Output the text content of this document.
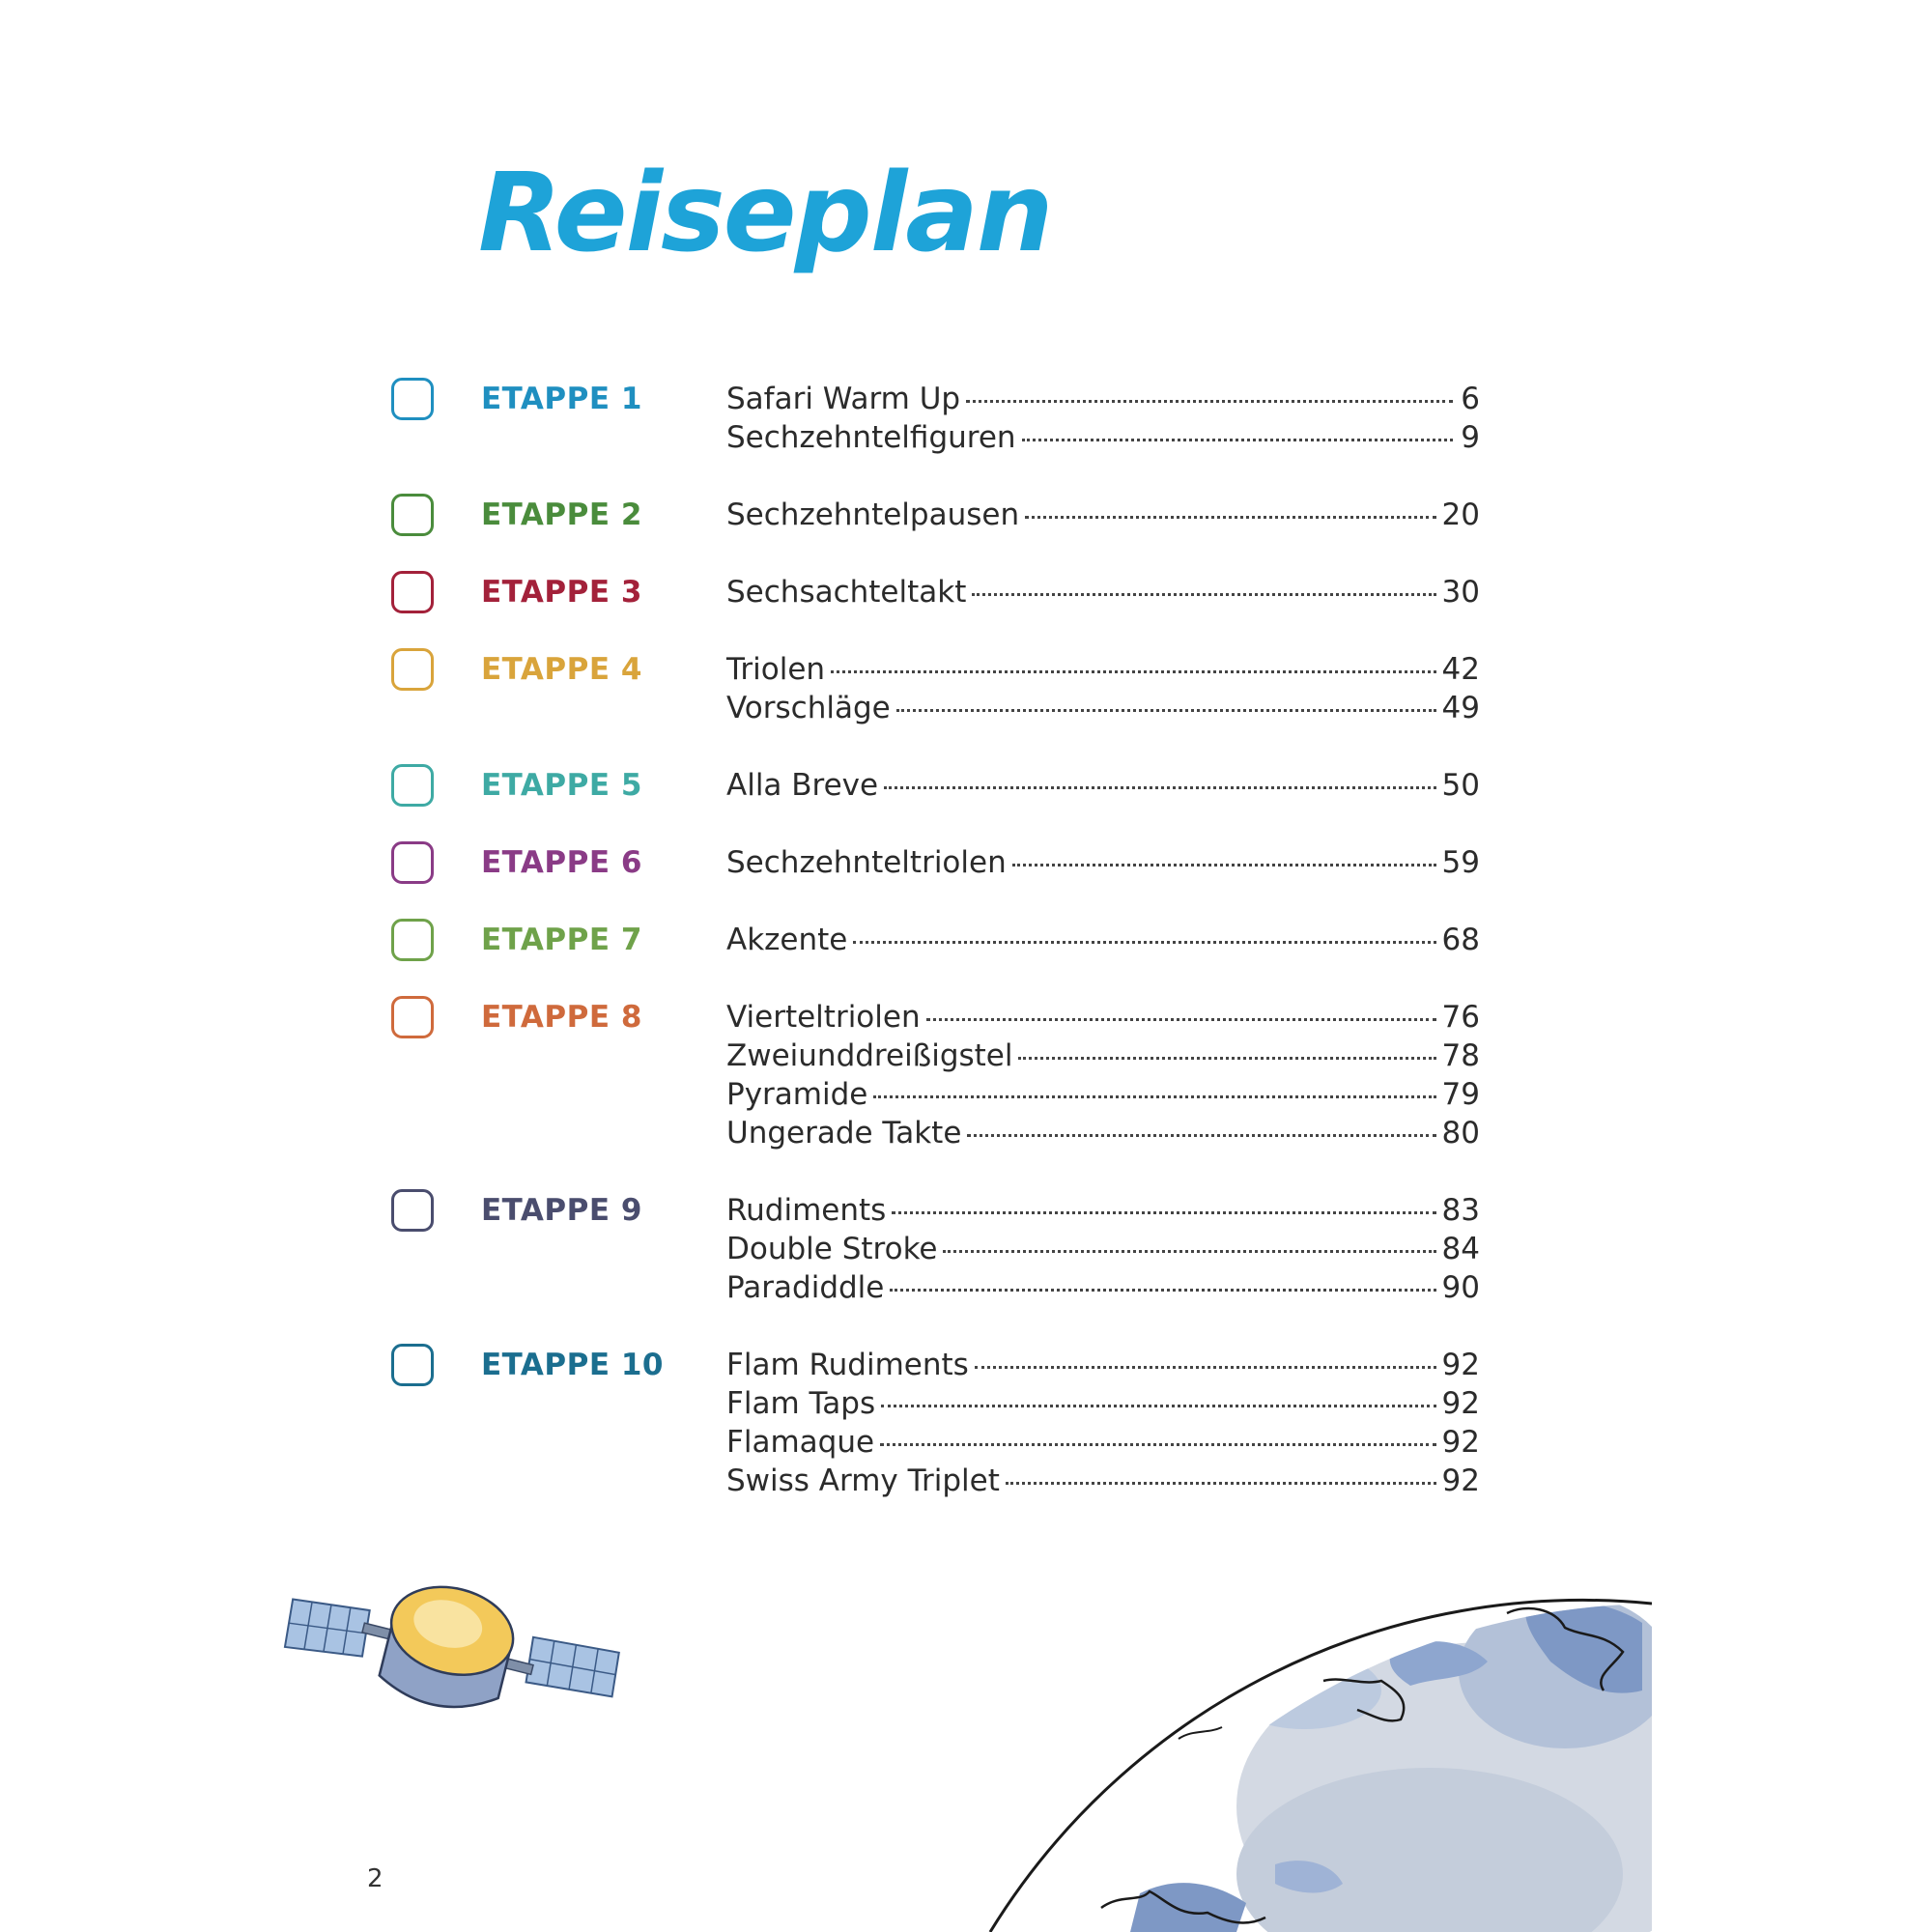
Reiseplan
ETAPPE 1	Safari Warm Up	6
Sechzehntelfiguren	9
ETAPPE 2	Sechzehntelpausen	20
ETAPPE 3	Sechsachteltakt	30
ETAPPE 4	Triolen	42
Vorschläge	49
ETAPPE 5	Alla Breve	50
ETAPPE 6	Sechzehnteltriolen	59
ETAPPE 7	Akzente	68
ETAPPE 8	Vierteltriolen	76
Zweiunddreißigstel	78
Pyramide	79
Ungerade Takte	80
ETAPPE 9	Rudiments	83
Double Stroke	84
Paradiddle	90
ETAPPE 10 Flam Rudiments	92
Flam Taps	92
Flamaque	92
Swiss Army Triplet	92
2
